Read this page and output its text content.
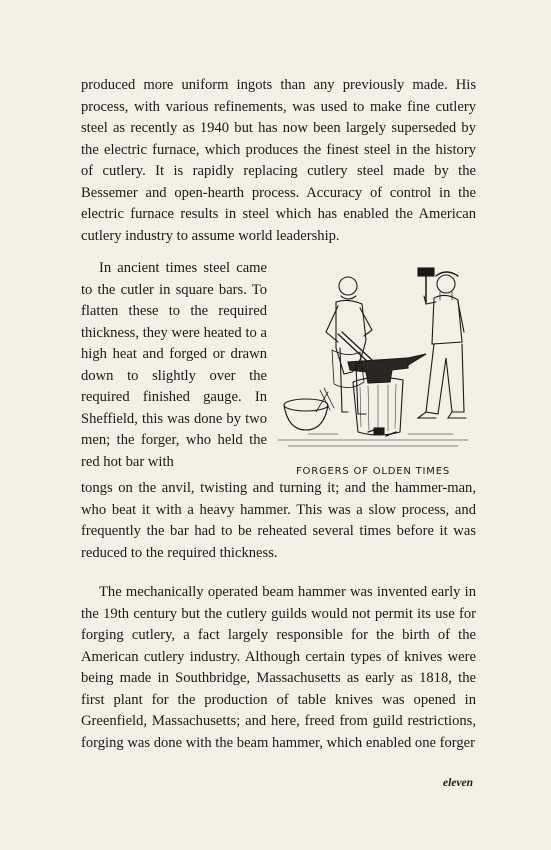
produced more uniform ingots than any previously made. His process, with various refinements, was used to make fine cutlery steel as recently as 1940 but has now been largely superseded by the electric furnace, which produces the finest steel in the history of cutlery. It is rapidly replacing cutlery steel made by the Bessemer and open-hearth process. Accuracy of control in the electric furnace results in steel which has enabled the American cutlery industry to assume world leadership.

In ancient times steel came to the cutler in square bars. To flatten these to the required thickness, they were heated to a high heat and forged or drawn down to slightly over the required finished gauge. In Sheffield, this was done by two men; the forger, who held the red hot bar with

FORGERS OF OLDEN TIMES

tongs on the anvil, twisting and turning it; and the hammer-man, who beat it with a heavy hammer. This was a slow process, and frequently the bar had to be reheated several times before it was reduced to the required thickness.

The mechanically operated beam hammer was invented early in the 19th century but the cutlery guilds would not permit its use for forging cutlery, a fact largely responsible for the birth of the American cutlery industry. Although certain types of knives were being made in Southbridge, Massachusetts as early as 1818, the first plant for the production of table knives was opened in Greenfield, Massachusetts; and here, freed from guild restrictions, forging was done with the beam hammer, which enabled one forger

eleven
